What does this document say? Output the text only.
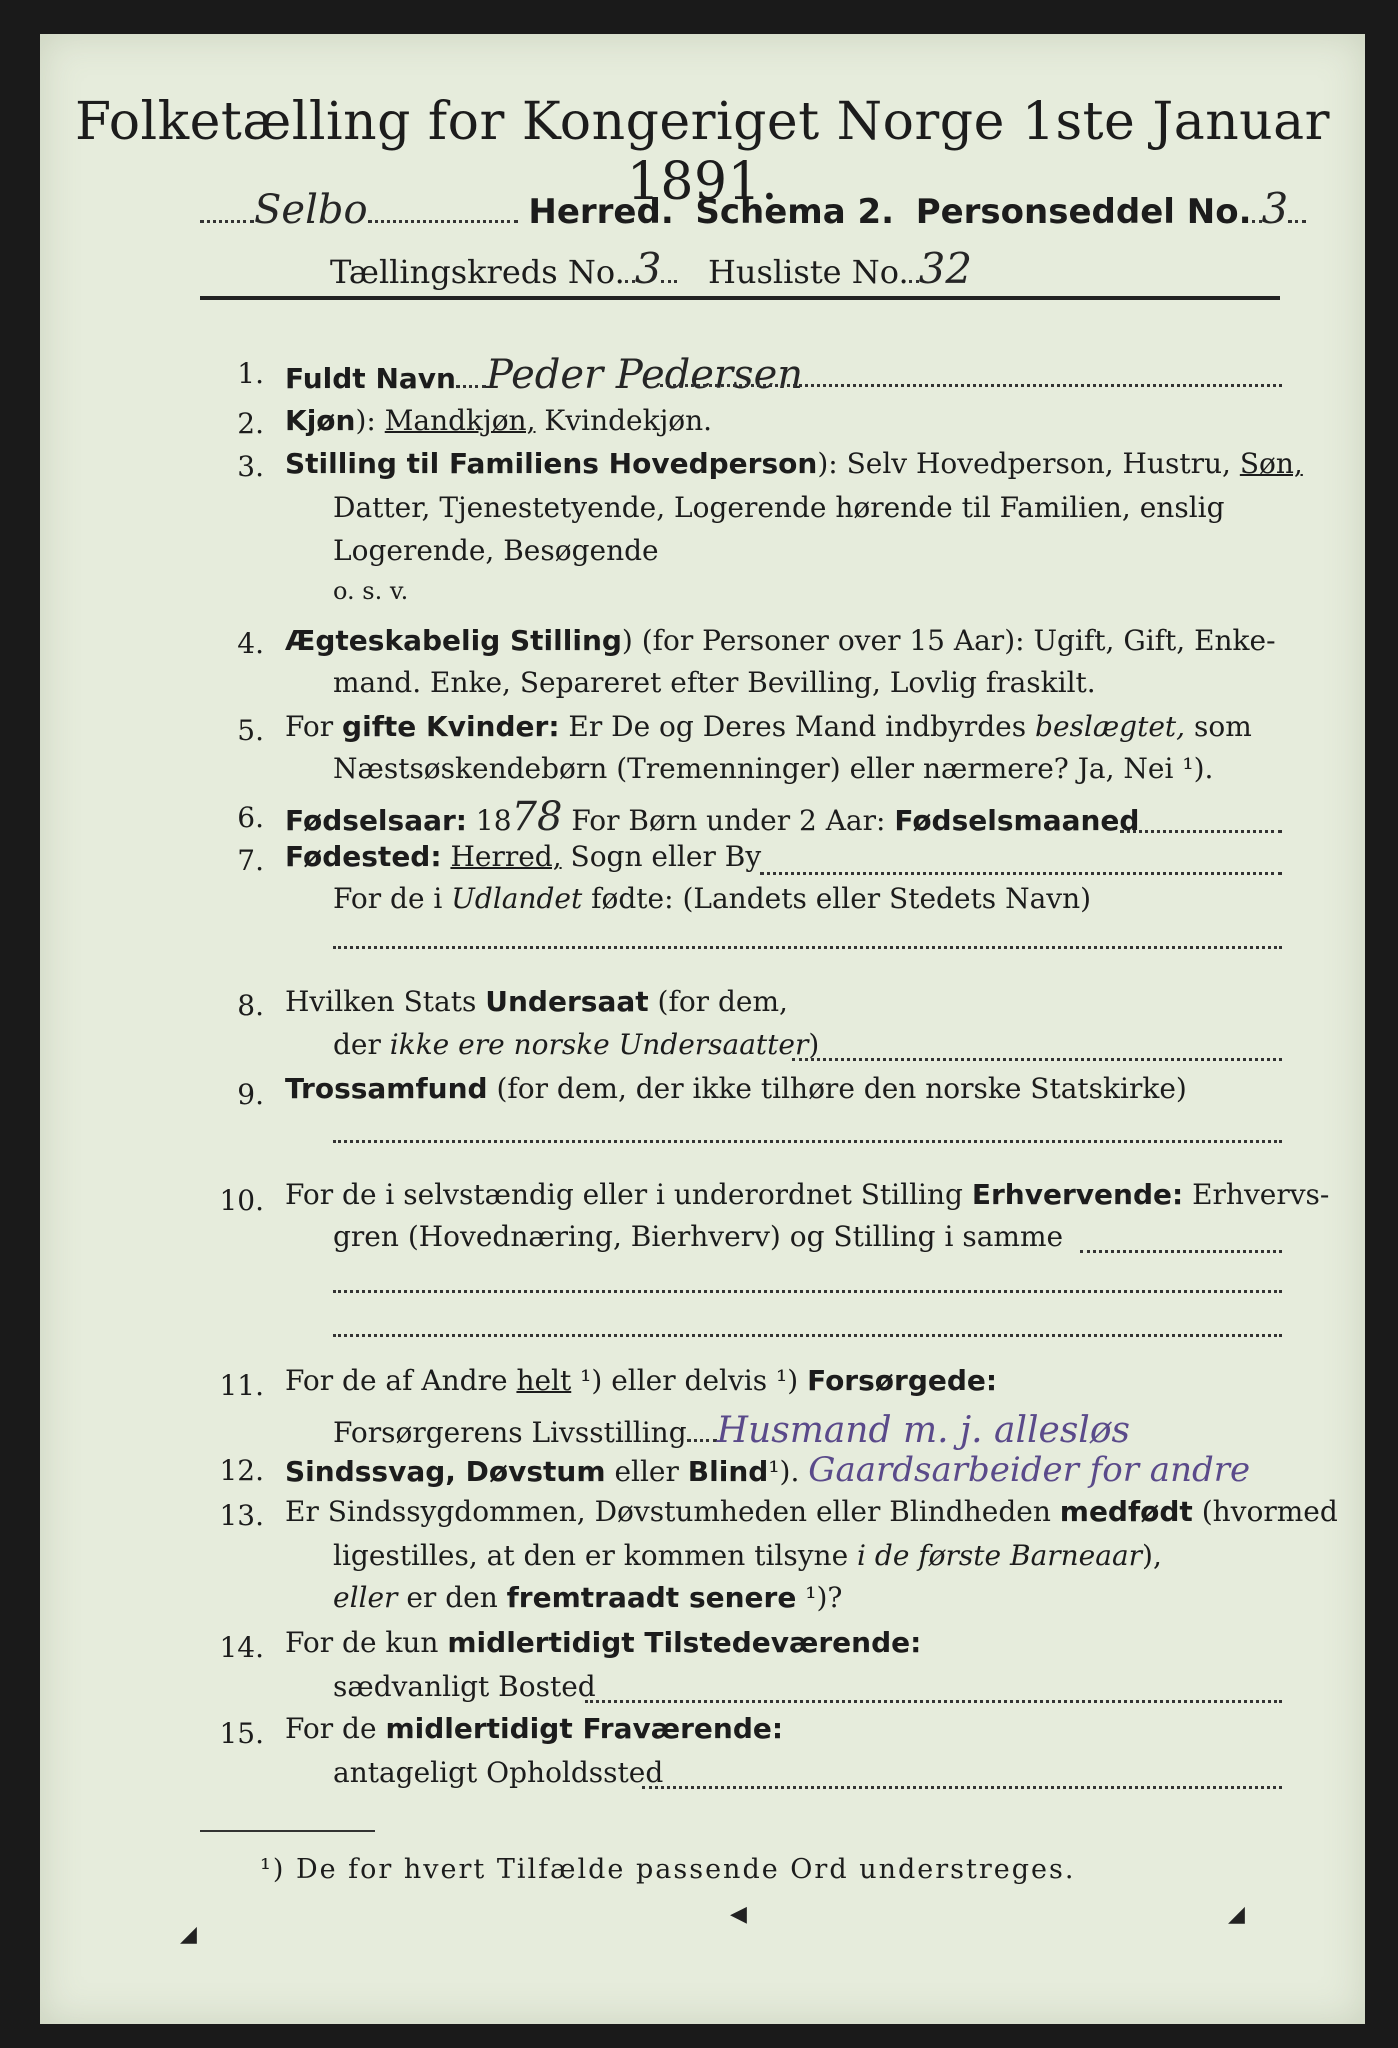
Folketælling for Kongeriget Norge 1ste Januar 1891.
Selbo	Herred. Schema 2. Personseddel No. 3
Tællingskreds No. 3 Husliste No. 32
1. Fuldt Navn Peder Pedersen
2. Kjøn): Mandkjøn, Kvindekjøn.
3. Stilling til Familiens Hovedperson): Selv Hovedperson, Hustru, Søn,
Datter, Tjenestetyende, Logerende hørende til Familien, enslig
Logerende, Besøgende
o. s. v.
4. Ægteskabelig Stilling) (for Personer over 15 Aar): Ugift, Gift, Enke-
mand. Enke, Separeret efter Bevilling, Lovlig fraskilt.
5. For gifte Kvinder: Er De og Deres Mand indbyrdes beslægtet, som
Næstsøskendebørn (Tremenninger) eller nærmere? Ja, Nei ¹).
6. Fødselsaar: 1878 For Børn under 2 Aar: Fødselsmaaned
7. Fødested: Herred, Sogn eller By
For de i Udlandet fødte: (Landets eller Stedets Navn)
8. Hvilken Stats Undersaat (for dem,
der ikke ere norske Undersaatter)
9. Trossamfund (for dem, der ikke tilhøre den norske Statskirke)
10. For de i selvstændig eller i underordnet Stilling Erhvervende: Erhvervs-
gren (Hovednæring, Bierhverv) og Stilling i samme
11. For de af Andre helt ¹) eller delvis ¹) Forsørgede:
Forsørgerens Livsstilling Husmand m. j. allesløs
12. Sindssvag, Døvstum eller Blind¹). Gaardsarbeider for andre
13. Er Sindssygdommen, Døvstumheden eller Blindheden medfødt (hvormed
ligestilles, at den er kommen tilsyne i de første Barneaar),
eller er den fremtraadt senere ¹)?
14. For de kun midlertidigt Tilstedeværende:
sædvanligt Bosted
15. For de midlertidigt Fraværende:
antageligt Opholdssted
¹) De for hvert Tilfælde passende Ord understreges.
◢
◀	◢
